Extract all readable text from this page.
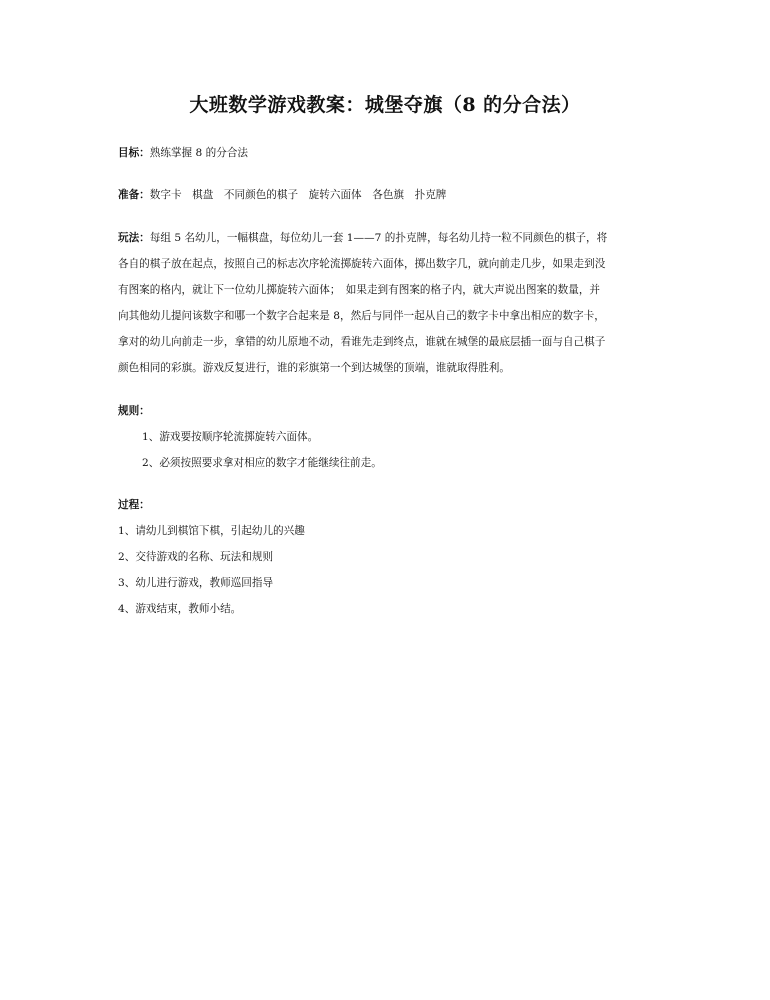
大班数学游戏教案：城堡夺旗（8 的分合法）
目标：熟练掌握 8 的分合法
准备：数字卡　棋盘　不同颜色的棋子　旋转六面体　各色旗　扑克牌
玩法：每组 5 名幼儿，一幅棋盘，每位幼儿一套 1——7 的扑克牌，每名幼儿持一粒不同颜色的棋子，将
各自的棋子放在起点，按照自己的标志次序轮流掷旋转六面体，掷出数字几，就向前走几步，如果走到没
有图案的格内，就让下一位幼儿掷旋转六面体；　如果走到有图案的格子内，就大声说出图案的数量，并
向其他幼儿提问该数字和哪一个数字合起来是 8，然后与同伴一起从自己的数字卡中拿出相应的数字卡，
拿对的幼儿向前走一步，拿错的幼儿原地不动，看谁先走到终点，谁就在城堡的最底层插一面与自己棋子
颜色相同的彩旗。游戏反复进行，谁的彩旗第一个到达城堡的顶端，谁就取得胜利。
规则：
1、游戏要按顺序轮流掷旋转六面体。
2、必须按照要求拿对相应的数字才能继续往前走。
过程：
1、请幼儿到棋馆下棋，引起幼儿的兴趣
2、交待游戏的名称、玩法和规则
3、幼儿进行游戏，教师巡回指导
4、游戏结束，教师小结。
